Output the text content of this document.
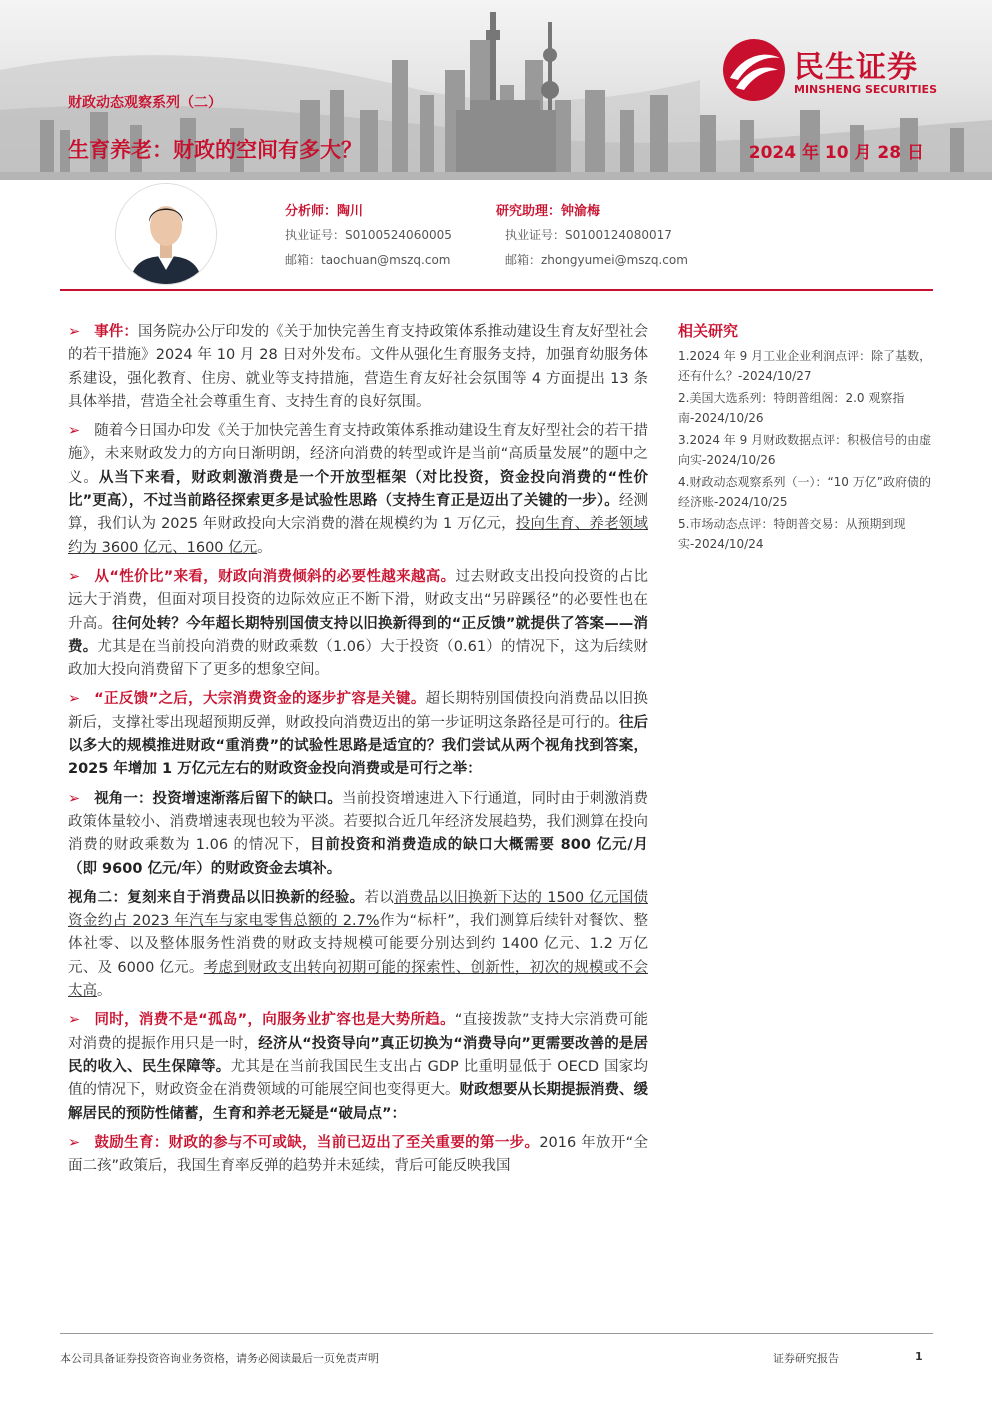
财政动态观察系列（二）
生育养老：财政的空间有多大？	2024 年 10 月 28 日
民生证券
MINSHENG SECURITIES
分析师：陶川
执业证号：S0100524060005
邮箱：taochuan@mszq.com
研究助理：钟渝梅
执业证号：S0100124080017
邮箱：zhongyumei@mszq.com

➢ 事件：国务院办公厅印发的《关于加快完善生育支持政策体系推动建设生育友好型社会的若干措施》2024 年 10 月 28 日对外发布。文件从强化生育服务支持，加强育幼服务体系建设，强化教育、住房、就业等支持措施，营造生育友好社会氛围等 4 方面提出 13 条具体举措，营造全社会尊重生育、支持生育的良好氛围。

➢ 随着今日国办印发《关于加快完善生育支持政策体系推动建设生育友好型社会的若干措施》，未来财政发力的方向日渐明朗，经济向消费的转型或许是当前“高质量发展”的题中之义。从当下来看，财政刺激消费是一个开放型框架（对比投资，资金投向消费的“性价比”更高），不过当前路径探索更多是试验性思路（支持生育正是迈出了关键的一步）。经测算，我们认为 2025 年财政投向大宗消费的潜在规模约为 1 万亿元，投向生育、养老领域约为 3600 亿元、1600 亿元。

➢ 从“性价比”来看，财政向消费倾斜的必要性越来越高。过去财政支出投向投资的占比远大于消费，但面对项目投资的边际效应正不断下滑，财政支出“另辟蹊径”的必要性也在升高。往何处转？今年超长期特别国债支持以旧换新得到的“正反馈”就提供了答案——消费。尤其是在当前投向消费的财政乘数（1.06）大于投资（0.61）的情况下，这为后续财政加大投向消费留下了更多的想象空间。

➢ “正反馈”之后，大宗消费资金的逐步扩容是关键。超长期特别国债投向消费品以旧换新后，支撑社零出现超预期反弹，财政投向消费迈出的第一步证明这条路径是可行的。往后以多大的规模推进财政“重消费”的试验性思路是适宜的？我们尝试从两个视角找到答案，2025 年增加 1 万亿元左右的财政资金投向消费或是可行之举：

➢ 视角一：投资增速渐落后留下的缺口。当前投资增速进入下行通道，同时由于刺激消费政策体量较小、消费增速表现也较为平淡。若要拟合近几年经济发展趋势，我们测算在投向消费的财政乘数为 1.06 的情况下，目前投资和消费造成的缺口大概需要 800 亿元/月（即 9600 亿元/年）的财政资金去填补。

视角二：复刻来自于消费品以旧换新的经验。若以消费品以旧换新下达的 1500 亿元国债资金约占 2023 年汽车与家电零售总额的 2.7%作为“标杆”，我们测算后续针对餐饮、整体社零、以及整体服务性消费的财政支持规模可能要分别达到约 1400 亿元、1.2 万亿元、及 6000 亿元。考虑到财政支出转向初期可能的探索性、创新性，初次的规模或不会太高。

➢ 同时，消费不是“孤岛”，向服务业扩容也是大势所趋。“直接拨款”支持大宗消费可能对消费的提振作用只是一时，经济从“投资导向”真正切换为“消费导向”更需要改善的是居民的收入、民生保障等。尤其是在当前我国民生支出占 GDP 比重明显低于 OECD 国家均值的情况下，财政资金在消费领域的可能展空间也变得更大。财政想要从长期提振消费、缓解居民的预防性储蓄，生育和养老无疑是“破局点”：

➢ 鼓励生育：财政的参与不可或缺，当前已迈出了至关重要的第一步。2016 年放开“全面二孩”政策后，我国生育率反弹的趋势并未延续，背后可能反映我国

相关研究
1.2024 年 9 月工业企业利润点评：除了基数，还有什么？-2024/10/27
2.美国大选系列：特朗普组阁：2.0 观察指南-2024/10/26
3.2024 年 9 月财政数据点评：积极信号的由虚向实-2024/10/26
4.财政动态观察系列（一）：“10 万亿”政府债的经济账-2024/10/25
5.市场动态点评：特朗普交易：从预期到现实-2024/10/24
本公司具备证券投资咨询业务资格，请务必阅读最后一页免责声明	证券研究报告	1
